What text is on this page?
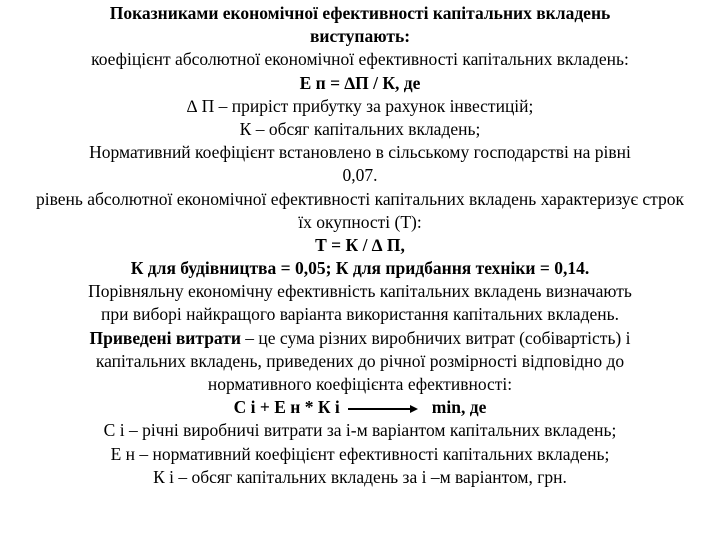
Показниками економічної ефективності капітальних вкладень
виступають:
коефіцієнт абсолютної економічної ефективності капітальних вкладень:
Е п = ∆П / К, де
∆ П – приріст прибутку за рахунок інвестицій;
К – обсяг капітальних вкладень;
Нормативний коефіцієнт встановлено в сільському господарстві на рівні
0,07.
рівень абсолютної економічної ефективності капітальних вкладень характеризує строк
їх окупності (Т):
Т = К / ∆ П,
К для будівництва = 0,05; К для придбання техніки = 0,14.
Порівняльну економічну ефективність капітальних вкладень визначають
при виборі найкращого варіанта використання капітальних вкладень.
Приведені витрати – це сума різних виробничих витрат (собівартість) і
капітальних вкладень, приведених до річної розмірності відповідно до
нормативного коефіцієнта ефективності:
С і + Е н * К і	min, де
С і – річні виробничі витрати за і-м варіантом капітальних вкладень;
Е н – нормативний коефіцієнт ефективності капітальних вкладень;
К і – обсяг капітальних вкладень за і –м варіантом, грн.
